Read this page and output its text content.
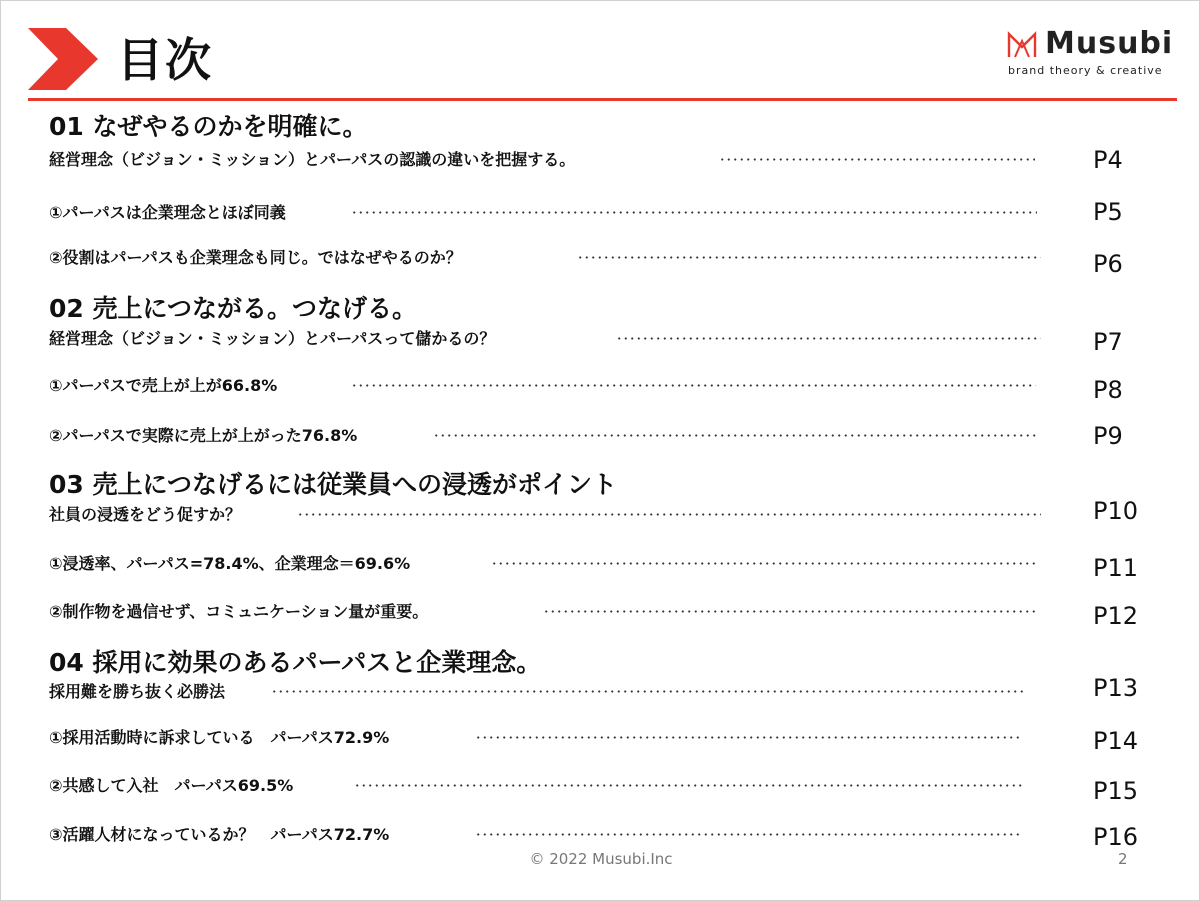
目次	Musubi
brand theory & creative
01 なぜやるのかを明確に。
経営理念（ビジョン・ミッション）とパーパスの認識の違いを把握する。	P4
①パーパスは企業理念とほぼ同義	P5
②役割はパーパスも企業理念も同じ。ではなぜやるのか？	P6
02 売上につながる。つなげる。
経営理念（ビジョン・ミッション）とパーパスって儲かるの？	P7
①パーパスで売上が上が66.8%	P8
②パーパスで実際に売上が上がった76.8%	P9
03 売上につなげるには従業員への浸透がポイント
社員の浸透をどう促すか？	P10
①浸透率、パーパス=78.4%、企業理念＝69.6%	P11
②制作物を過信せず、コミュニケーション量が重要。	P12
04 採用に効果のあるパーパスと企業理念。
採用難を勝ち抜く必勝法	P13
①採用活動時に訴求している　パーパス72.9%	P14
②共感して入社　パーパス69.5%	P15
③活躍人材になっているか？　パーパス72.7%	P16
© 2022 Musubi.Inc	2
